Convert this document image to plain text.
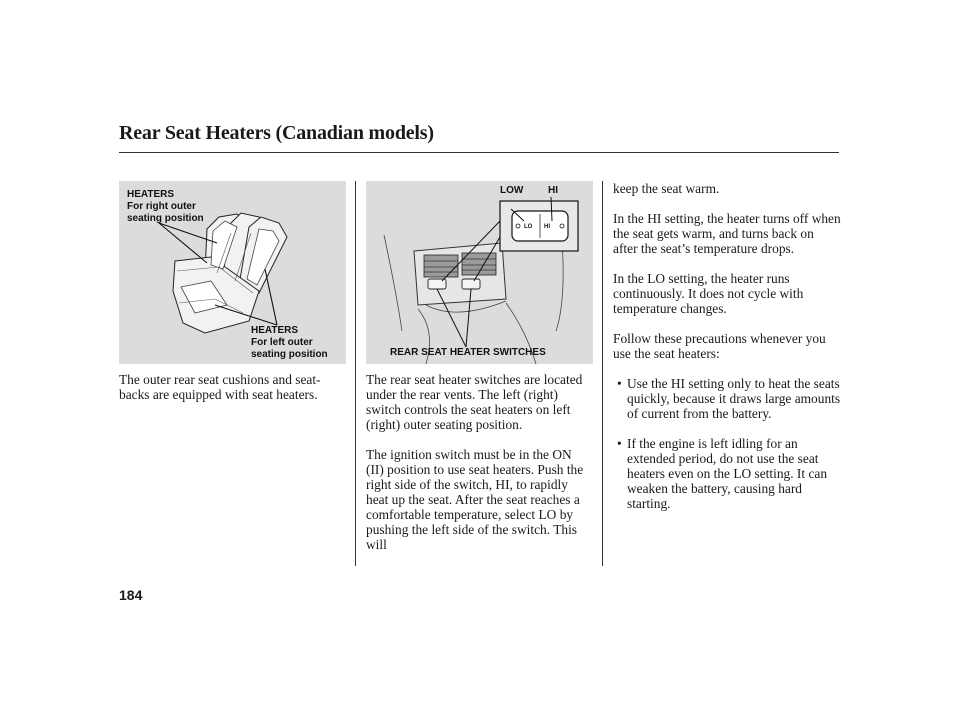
Rear Seat Heaters (Canadian models)
HEATERS
For right outer
seating position
HEATERS
For left outer
seating position
LOW HI
LO HI
REAR SEAT HEATER SWITCHES

The outer rear seat cushions and seat-backs are equipped with seat heaters.

The rear seat heater switches are located under the rear vents. The left (right) switch controls the seat heaters on left (right) outer seating position.

The ignition switch must be in the ON (II) position to use seat heaters. Push the right side of the switch, HI, to rapidly heat up the seat. After the seat reaches a comfortable temperature, select LO by pushing the left side of the switch. This will

keep the seat warm.

In the HI setting, the heater turns off when the seat gets warm, and turns back on after the seat’s temperature drops.

In the LO setting, the heater runs continuously. It does not cycle with temperature changes.

Follow these precautions whenever you use the seat heaters:

• Use the HI setting only to heat the seats quickly, because it draws large amounts of current from the battery.
• If the engine is left idling for an extended period, do not use the seat heaters even on the LO setting. It can weaken the battery, causing hard starting.
184
